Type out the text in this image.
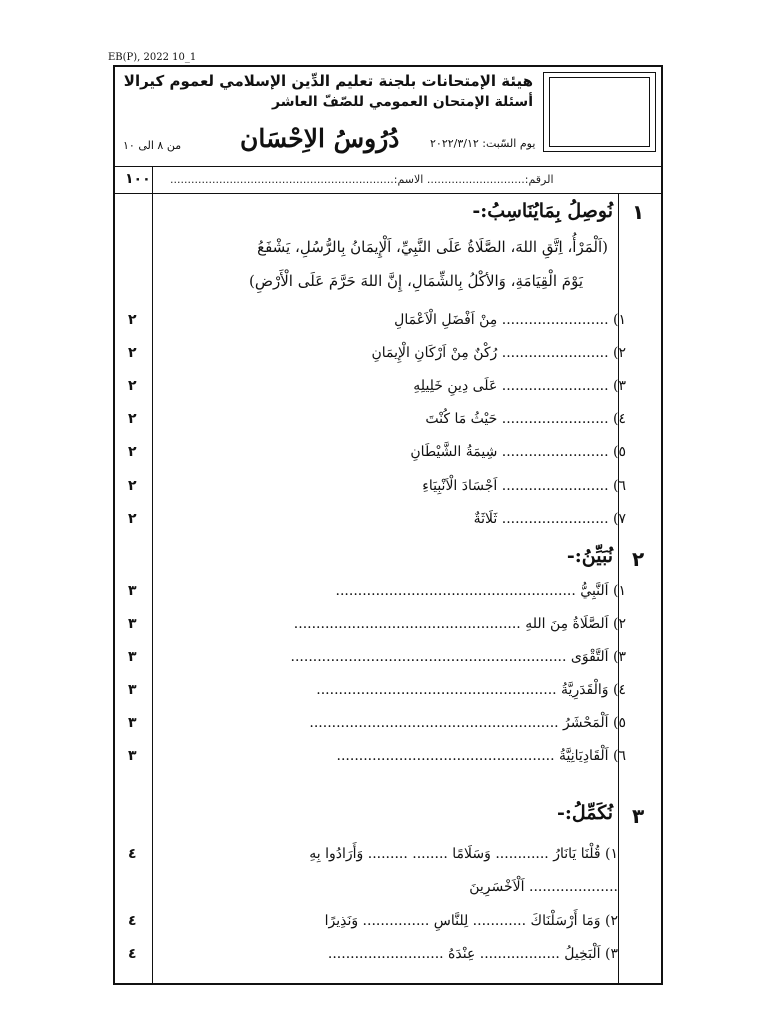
EB(P), 2022 10_1
هيئة الإمتحانات بلجنة تعليم الدِّين الإسلامي لعموم كيرالا
أسئلة الإمتحان العمومي للصّفّ العاشر
يوم السّبت: ٢٠٢٢/٣/١٢
دُرُوسُ الاِحْسَان
من ٨ الى ١٠
الرقم:............................ الاسم:................................................................
١٠٠
١
نُوصِلُ بِمَايُنَاسِبُ:-
(اَلْمَرْأُ، اِتَّقِ اللهَ، الصَّلَاةُ عَلَى النَّبِيِّ، اَلْإِيمَانُ بِالرُّسُلِ، يَشْفَعُ
يَوْمَ الْقِيَامَةِ، وَالأكْلُ بِالشِّمَالِ، إِنَّ اللهَ حَرَّمَ عَلَى الْأَرْضِ)
١) ........................ مِنْ اَفْضَلِ الْاَعْمَالِ
٢
٢) ........................ رُكْنٌ مِنْ اَرْكَانِ الْإِيمَانِ
٢
٣) ........................ عَلَى دِينِ خَلِيلِهِ
٢
٤) ........................ حَيْثُ مَا كُنْتَ
٢
٥) ........................ شِيمَةُ الشَّيْطَانِ
٢
٦) ........................ اَجْسَادَ الْاَنْبِيَاءِ
٢
٧) ........................ ثَلَاثَةٌ
٢
٢
نُبَيِّنُ:-
١) اَلنَّبِيُّ ......................................................
٣
٢) اَلصَّلَاةُ مِنَ اللهِ ...................................................
٣
٣) اَلتَّقْوَى ..............................................................
٣
٤) وَالْقَدَرِيَّةُ ......................................................
٣
٥) اَلْمَحْشَرُ ........................................................
٣
٦) اَلْقَادِيَانِيَّةُ .................................................
٣
٣
نُكَمِّلُ:-
١) قُلْنَا يَانَارُ ............ وَسَلَامًا ........ ......... وَأَرَادُوا بِهِ
٤
.................... اَلْاَخْسَرِينَ
٢) وَمَا أَرْسَلْنَاكَ ............ لِلنَّاسِ ............... وَنَذِيرًا
٤
٣) اَلْبَخِيلُ .................. عِنْدَهُ ..........................
٤
